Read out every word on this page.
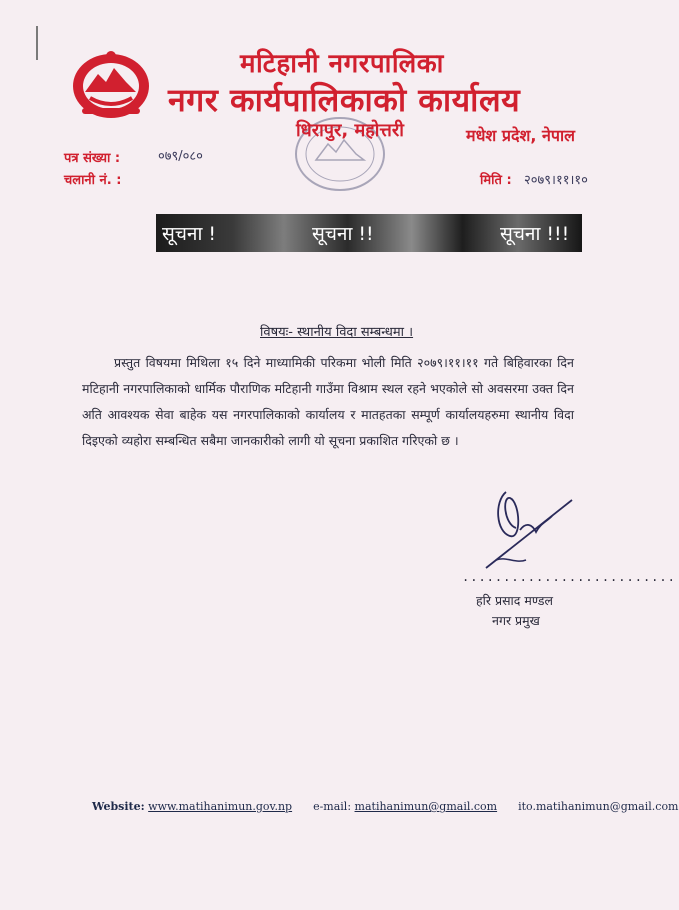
मटिहानी नगरपालिका
नगर कार्यपालिकाको कार्यालय
धिरापुर, महोत्तरी	मधेश प्रदेश, नेपाल
पत्र संख्या :	०७९/०८०
चलानी नं. :	मिति : २०७९।११।१०
सूचना !	सूचना !!	सूचना !!!
विषयः- स्थानीय विदा सम्बन्धमा ।
प्रस्तुत विषयमा मिथिला १५ दिने माध्यामिकी परिकमा भोली मिति २०७९।११।११ गते बिहिवारका दिन मटिहानी नगरपालिकाको धार्मिक पौराणिक मटिहानी गाउँमा विश्राम स्थल रहने भएकोले सो अवसरमा उक्त दिन अति आवश्यक सेवा बाहेक यस नगरपालिकाको कार्यालय र मातहतका सम्पूर्ण कार्यालयहरुमा स्थानीय विदा दिइएको व्यहोरा सम्बन्धित सबैमा जानकारीको लागी यो सूचना प्रकाशित गरिएको छ ।
..........................
हरि प्रसाद मण्डल
नगर प्रमुख
Website: www.matihanimun.gov.np e-mail: matihanimun@gmail.com ito.matihanimun@gmail.com
